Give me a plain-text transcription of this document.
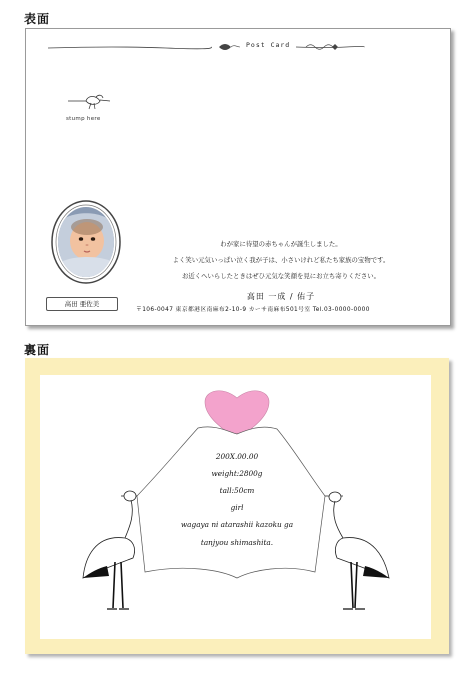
表面
Post Card
stump here
高田 亜佐美
わが家に待望の赤ちゃんが誕生しました。
よく笑い元気いっぱい泣く我が子は、小さいけれど私たち家族の宝物です。
お近くへいらしたときはぜひ元気な笑顔を見にお立ち寄りください。
高田 一成 / 佑子
〒106-0047 東京都港区南麻布2-10-9 カーサ南麻布501号室 Tel.03-0000-0000
裏面
200X.00.00
weight:2800g
tall:50cm
girl
wagaya ni atarashii kazoku ga
tanjyou shimashita.
